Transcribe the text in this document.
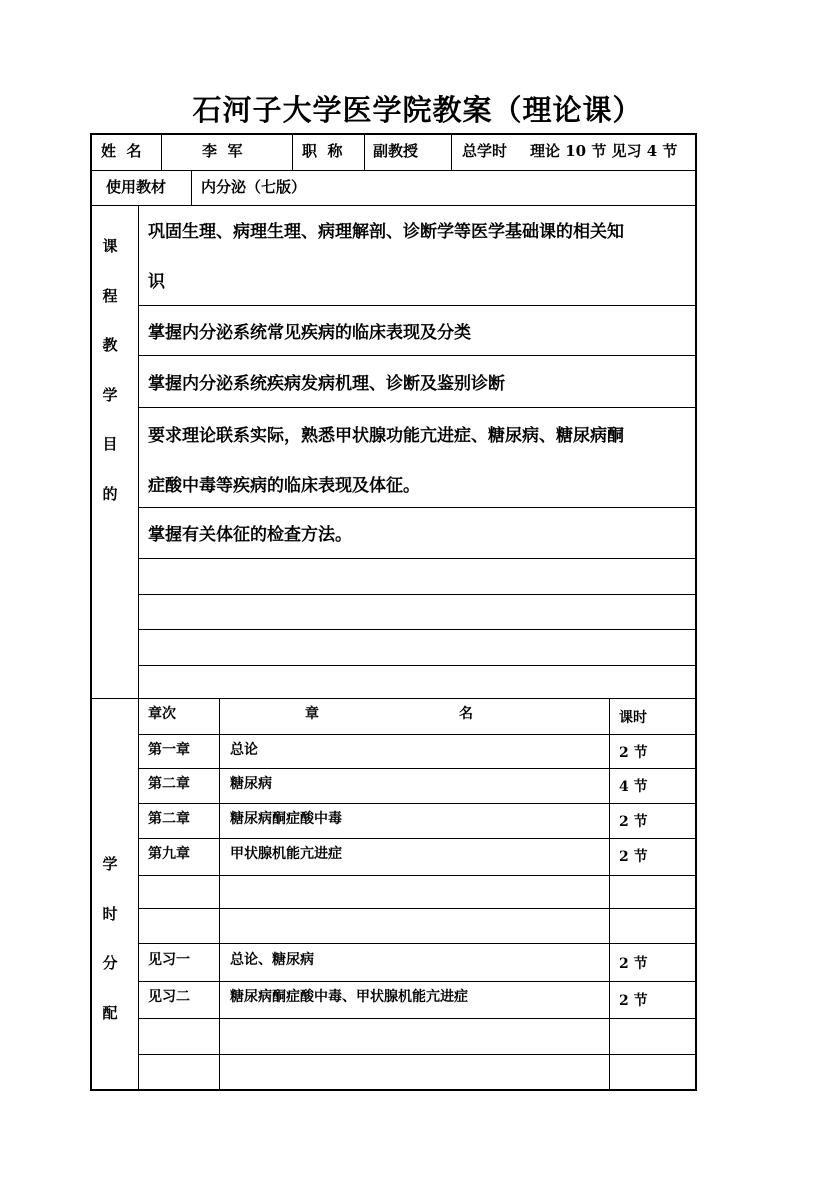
石河子大学医学院教案（理论课）
姓  名	李  军	职  称 副教授	总学时 理论 10 节 见习 4 节
使用教材 内分泌（七版）
课
程
教
学
目
的
巩固生理、病理生理、病理解剖、诊断学等医学基础课的相关知
识
掌握内分泌系统常见疾病的临床表现及分类
掌握内分泌系统疾病发病机理、诊断及鉴别诊断
要求理论联系实际，熟悉甲状腺功能亢进症、糖尿病、糖尿病酮
症酸中毒等疾病的临床表现及体征。
掌握有关体征的检查方法。
学
时
分
配
章次	章	名	课时
第一章	总论	2 节
第二章	糖尿病	4 节
第二章	糖尿病酮症酸中毒	2 节
第九章	甲状腺机能亢进症	2 节
见习一	总论、糖尿病	2 节
见习二	糖尿病酮症酸中毒、甲状腺机能亢进症	2 节
